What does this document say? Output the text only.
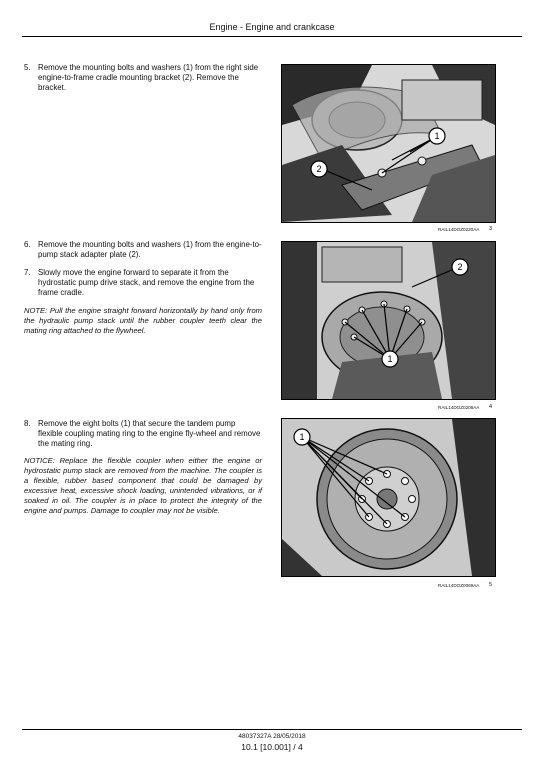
Engine - Engine and crankcase
5. Remove the mounting bolts and washers (1) from the right side engine-to-frame cradle mounting bracket (2). Remove the bracket.
1
2
RAIL14DOZ0220AA 3
6. Remove the mounting bolts and washers (1) from the engine-to-pump stack adapter plate (2).
7. Slowly move the engine forward to separate it from the hydrostatic pump drive stack, and remove the engine from the frame cradle.
NOTE: Pull the engine straight forward horizontally by hand only from the hydraulic pump stack until the rubber coupler teeth clear the mating ring attached to the flywheel.
2
1
RAIL14DOZ0208AA 4
8. Remove the eight bolts (1) that secure the tandem pump flexible coupling mating ring to the engine fly-wheel and remove the mating ring.
NOTICE: Replace the flexible coupler when either the engine or hydrostatic pump stack are removed from the machine. The coupler is a flexible, rubber based component that could be damaged by excessive heat, excessive shock loading, unintended vibrations, or if soaked in oil. The coupler is in place to protect the integrity of the engine and pumps. Damage to coupler may not be visible.
1
RAIL14DOZ0069AA 5
48037327A 28/05/2018
10.1 [10.001] / 4
